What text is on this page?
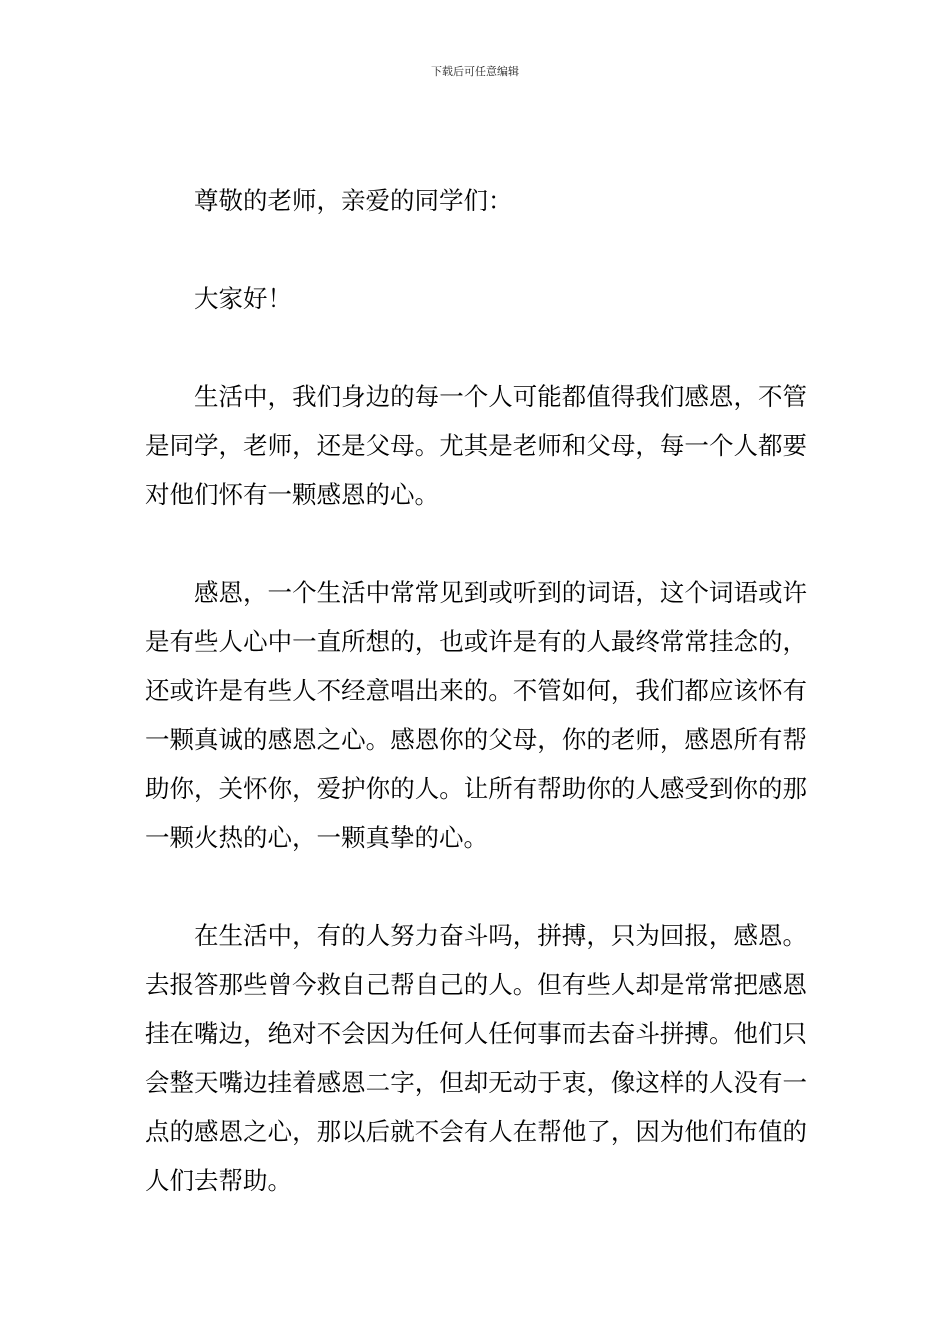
下载后可任意编辑

尊敬的老师，亲爱的同学们：

大家好！

生活中，我们身边的每一个人可能都值得我们感恩，不管是同学，老师，还是父母。尤其是老师和父母，每一个人都要对他们怀有一颗感恩的心。

感恩，一个生活中常常见到或听到的词语，这个词语或许是有些人心中一直所想的，也或许是有的人最终常常挂念的，还或许是有些人不经意唱出来的。不管如何，我们都应该怀有一颗真诚的感恩之心。感恩你的父母，你的老师，感恩所有帮助你，关怀你，爱护你的人。让所有帮助你的人感受到你的那一颗火热的心，一颗真挚的心。

在生活中，有的人努力奋斗吗，拼搏，只为回报，感恩。去报答那些曾今救自己帮自己的人。但有些人却是常常把感恩挂在嘴边，绝对不会因为任何人任何事而去奋斗拼搏。他们只会整天嘴边挂着感恩二字，但却无动于衷，像这样的人没有一点的感恩之心，那以后就不会有人在帮他了，因为他们布值的人们去帮助。
